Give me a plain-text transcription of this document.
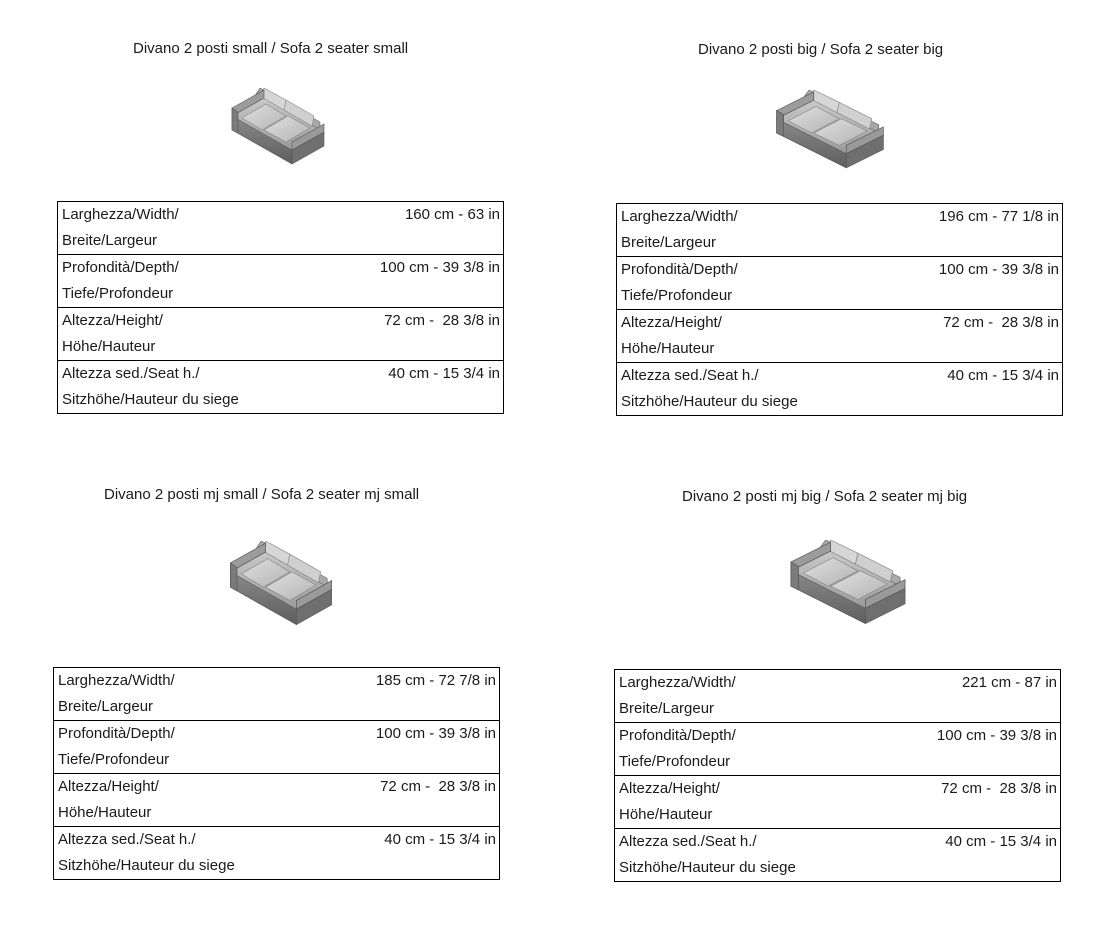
Divano 2 posti small / Sofa 2 seater small
Larghezza/Width/
Breite/Largeur	160 cm - 63 in

Profondità/Depth/
Tiefe/Profondeur	100 cm - 39 3/8 in

Altezza/Height/
Höhe/Hauteur	72 cm -  28 3/8 in

Altezza sed./Seat h./
Sitzhöhe/Hauteur du siege	40 cm - 15 3/4 in
Divano 2 posti big / Sofa 2 seater big
Larghezza/Width/
Breite/Largeur	196 cm - 77 1/8 in

Profondità/Depth/
Tiefe/Profondeur	100 cm - 39 3/8 in

Altezza/Height/
Höhe/Hauteur	72 cm -  28 3/8 in

Altezza sed./Seat h./
Sitzhöhe/Hauteur du siege	40 cm - 15 3/4 in
Divano 2 posti mj small / Sofa 2 seater mj small
Larghezza/Width/
Breite/Largeur	185 cm - 72 7/8 in

Profondità/Depth/
Tiefe/Profondeur	100 cm - 39 3/8 in

Altezza/Height/
Höhe/Hauteur	72 cm -  28 3/8 in

Altezza sed./Seat h./
Sitzhöhe/Hauteur du siege	40 cm - 15 3/4 in
Divano 2 posti mj big / Sofa 2 seater mj big
Larghezza/Width/
Breite/Largeur	221 cm - 87 in

Profondità/Depth/
Tiefe/Profondeur	100 cm - 39 3/8 in

Altezza/Height/
Höhe/Hauteur	72 cm -  28 3/8 in

Altezza sed./Seat h./
Sitzhöhe/Hauteur du siege	40 cm - 15 3/4 in
